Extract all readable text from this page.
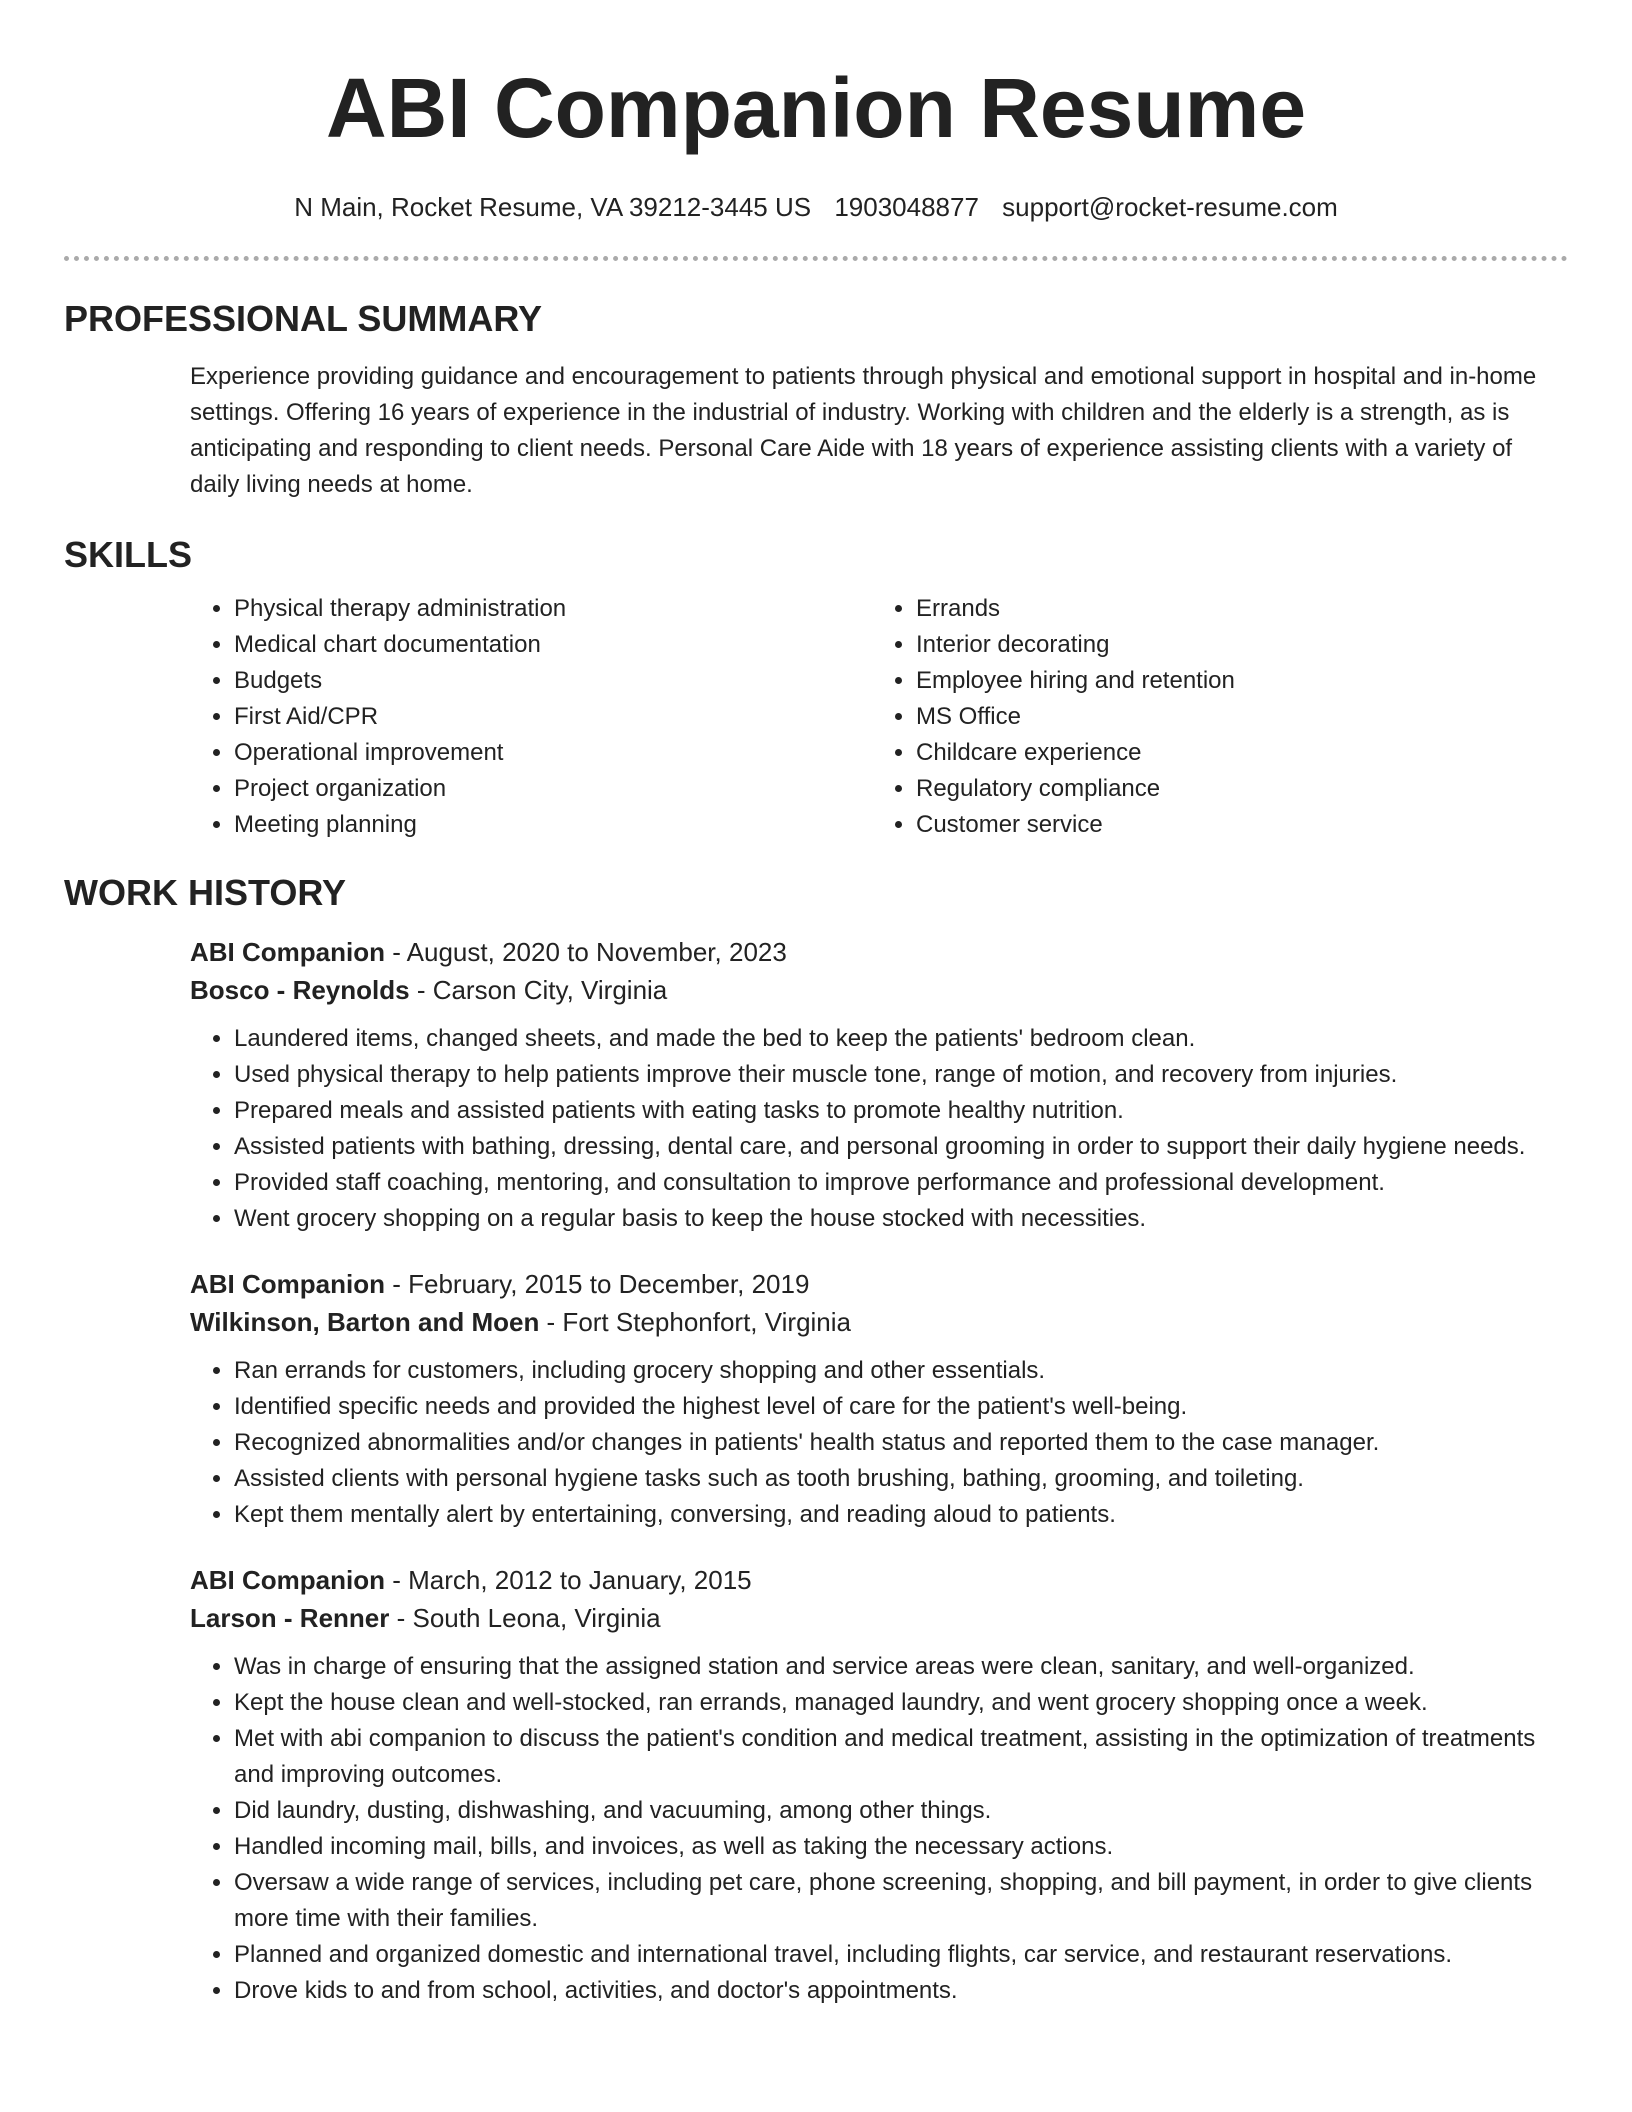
ABI Companion Resume
N Main, Rocket Resume, VA 39212-3445 US 1903048877 support@rocket-resume.com
PROFESSIONAL SUMMARY

Experience providing guidance and encouragement to patients through physical and emotional support in hospital and in-home settings. Offering 16 years of experience in the industrial of industry. Working with children and the elderly is a strength, as is anticipating and responding to client needs. Personal Care Aide with 18 years of experience assisting clients with a variety of daily living needs at home.

SKILLS
• Physical therapy administration
• Medical chart documentation
• Budgets
• First Aid/CPR
• Operational improvement
• Project organization
• Meeting planning
• Errands
• Interior decorating
• Employee hiring and retention
• MS Office
• Childcare experience
• Regulatory compliance
• Customer service
WORK HISTORY

ABI Companion - August, 2020 to November, 2023

Bosco - Reynolds - Carson City, Virginia

• Laundered items, changed sheets, and made the bed to keep the patients' bedroom clean.
• Used physical therapy to help patients improve their muscle tone, range of motion, and recovery from injuries.
• Prepared meals and assisted patients with eating tasks to promote healthy nutrition.
• Assisted patients with bathing, dressing, dental care, and personal grooming in order to support their daily hygiene needs.
• Provided staff coaching, mentoring, and consultation to improve performance and professional development.
• Went grocery shopping on a regular basis to keep the house stocked with necessities.

ABI Companion - February, 2015 to December, 2019

Wilkinson, Barton and Moen - Fort Stephonfort, Virginia

• Ran errands for customers, including grocery shopping and other essentials.
• Identified specific needs and provided the highest level of care for the patient's well-being.
• Recognized abnormalities and/or changes in patients' health status and reported them to the case manager.
• Assisted clients with personal hygiene tasks such as tooth brushing, bathing, grooming, and toileting.
• Kept them mentally alert by entertaining, conversing, and reading aloud to patients.

ABI Companion - March, 2012 to January, 2015

Larson - Renner - South Leona, Virginia

• Was in charge of ensuring that the assigned station and service areas were clean, sanitary, and well-organized.
• Kept the house clean and well-stocked, ran errands, managed laundry, and went grocery shopping once a week.
• Met with abi companion to discuss the patient's condition and medical treatment, assisting in the optimization of treatments and improving outcomes.
• Did laundry, dusting, dishwashing, and vacuuming, among other things.
• Handled incoming mail, bills, and invoices, as well as taking the necessary actions.
• Oversaw a wide range of services, including pet care, phone screening, shopping, and bill payment, in order to give clients more time with their families.
• Planned and organized domestic and international travel, including flights, car service, and restaurant reservations.
• Drove kids to and from school, activities, and doctor's appointments.
